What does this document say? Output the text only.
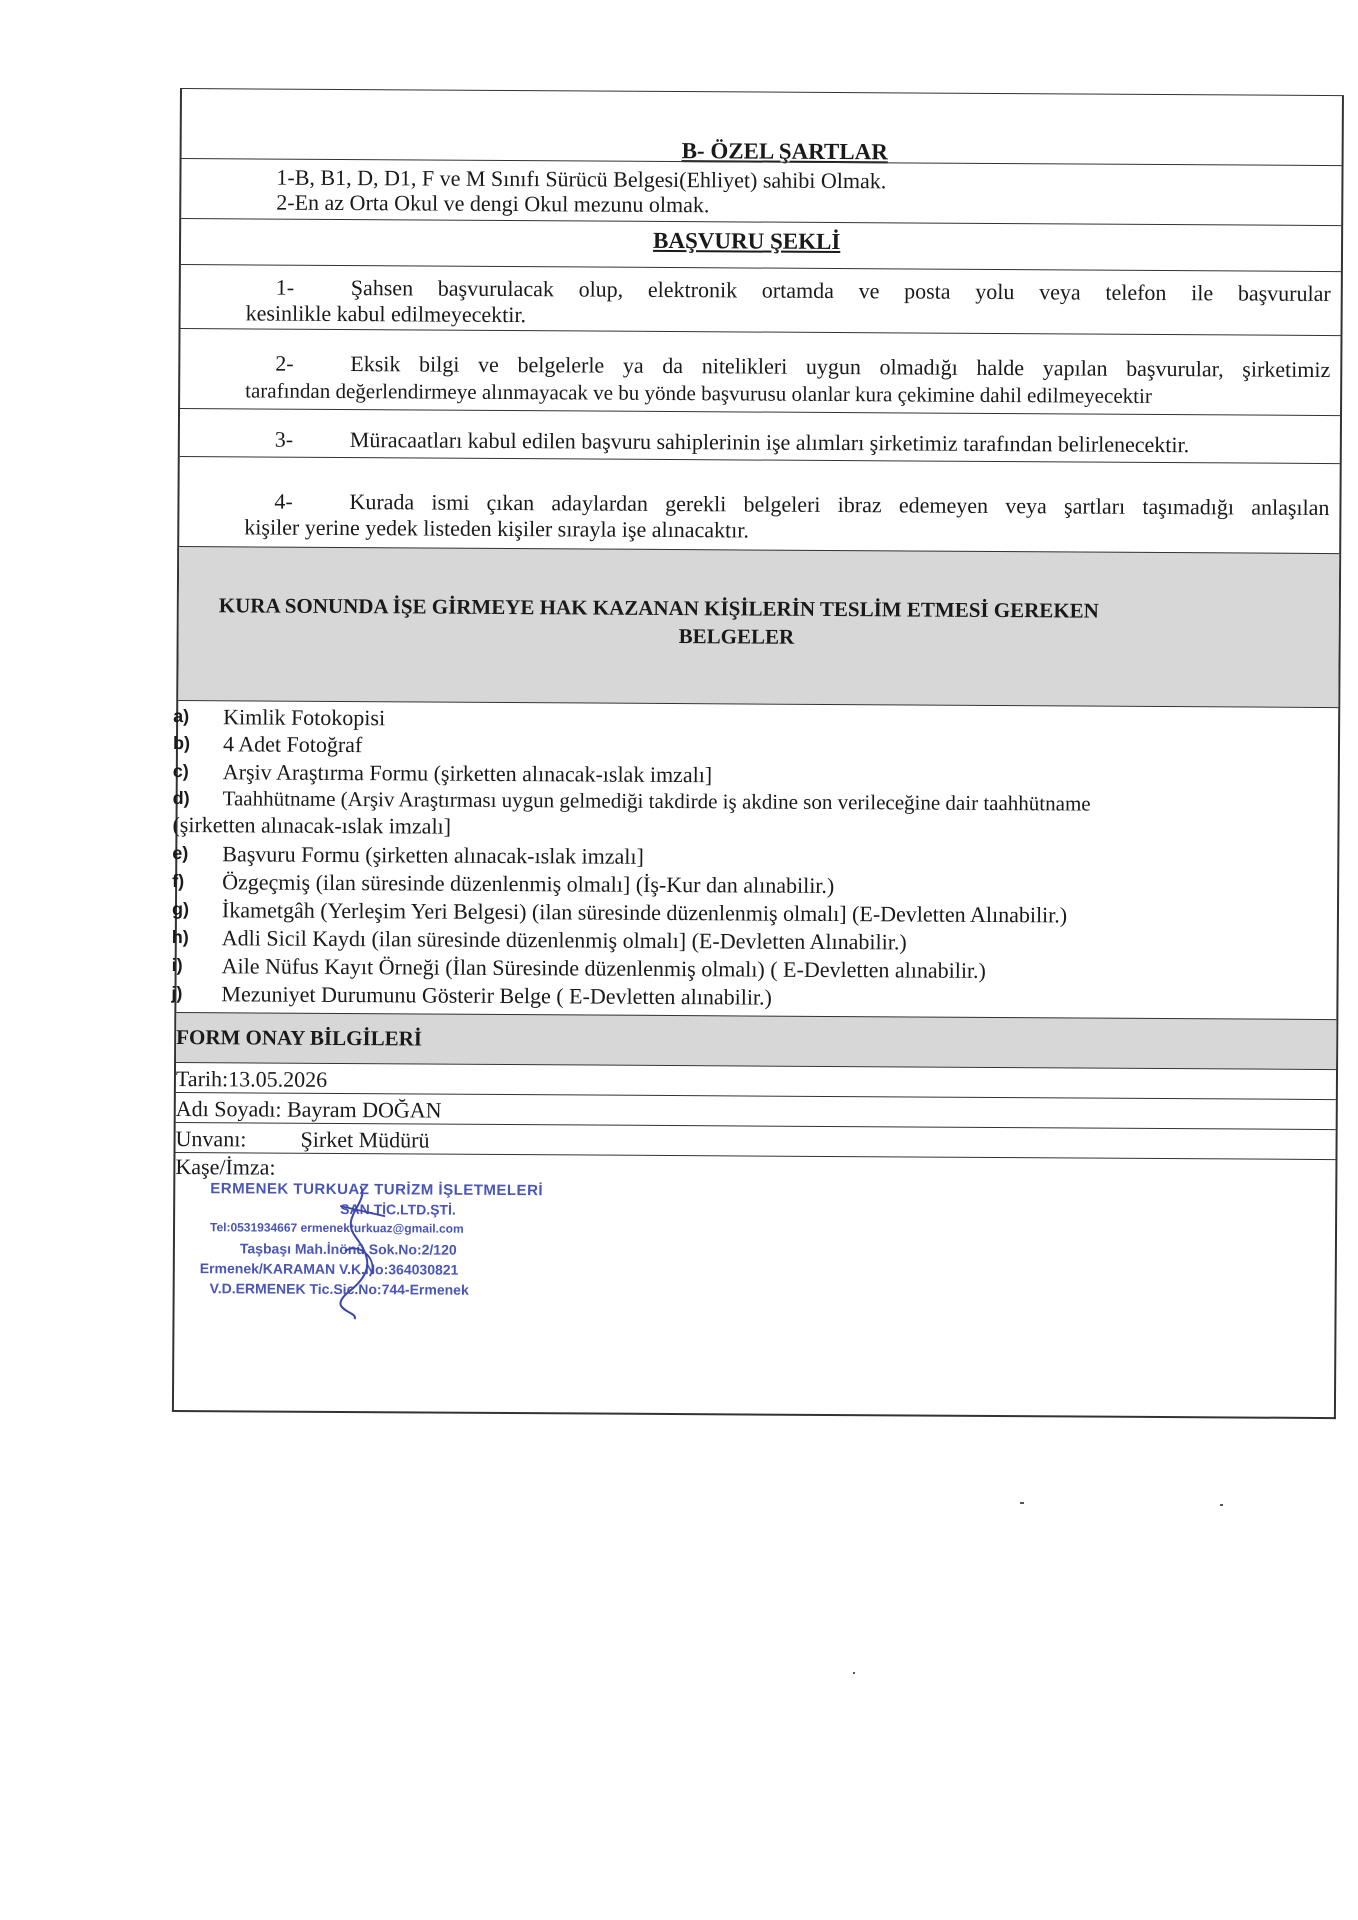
B- ÖZEL ŞARTLAR
1-B, B1, D, D1, F ve M Sınıfı Sürücü Belgesi(Ehliyet) sahibi Olmak.
2-En az Orta Okul ve dengi Okul mezunu olmak.
BAŞVURU ŞEKLİ
1-	Şahsen başvurulacak olup, elektronik ortamda ve posta yolu veya telefon ile başvurular
kesinlikle kabul edilmeyecektir.
2-	Eksik bilgi ve belgelerle ya da nitelikleri uygun olmadığı halde yapılan başvurular, şirketimiz
tarafından değerlendirmeye alınmayacak ve bu yönde başvurusu olanlar kura çekimine dahil edilmeyecektir
3-	Müracaatları kabul edilen başvuru sahiplerinin işe alımları şirketimiz tarafından belirlenecektir.
4-	Kurada ismi çıkan adaylardan gerekli belgeleri ibraz edemeyen veya şartları taşımadığı anlaşılan
kişiler yerine yedek listeden kişiler sırayla işe alınacaktır.
KURA SONUNDA İŞE GİRMEYE HAK KAZANAN KİŞİLERİN TESLİM ETMESİ GEREKEN
BELGELER
a) Kimlik Fotokopisi
b) 4 Adet Fotoğraf
c) Arşiv Araştırma Formu (şirketten alınacak-ıslak imzalı]
d) Taahhütname (Arşiv Araştırması uygun gelmediği takdirde iş akdine son verileceğine dair taahhütname
(şirketten alınacak-ıslak imzalı]
e) Başvuru Formu (şirketten alınacak-ıslak imzalı]
f) Özgeçmiş (ilan süresinde düzenlenmiş olmalı] (İş-Kur dan alınabilir.)
g) İkametgâh (Yerleşim Yeri Belgesi) (ilan süresinde düzenlenmiş olmalı] (E-Devletten Alınabilir.)
h) Adli Sicil Kaydı (ilan süresinde düzenlenmiş olmalı] (E-Devletten Alınabilir.)
i) Aile Nüfus Kayıt Örneği (İlan Süresinde düzenlenmiş olmalı) ( E-Devletten alınabilir.)
j) Mezuniyet Durumunu Gösterir Belge ( E-Devletten alınabilir.)
FORM ONAY BİLGİLERİ
Tarih:13.05.2026
Adı Soyadı: Bayram DOĞAN
Unvanı: Şirket Müdürü
Kaşe/İmza:
ERMENEK TURKUAZ TURİZM İŞLETMELERİ
SAN.TİC.LTD.ŞTİ.
Tel:0531934667 ermenekturkuaz@gmail.com
Taşbaşı Mah.İnönü Sok.No:2/120
Ermenek/KARAMAN V.K.No:364030821
V.D.ERMENEK Tic.Sic.No:744-Ermenek
